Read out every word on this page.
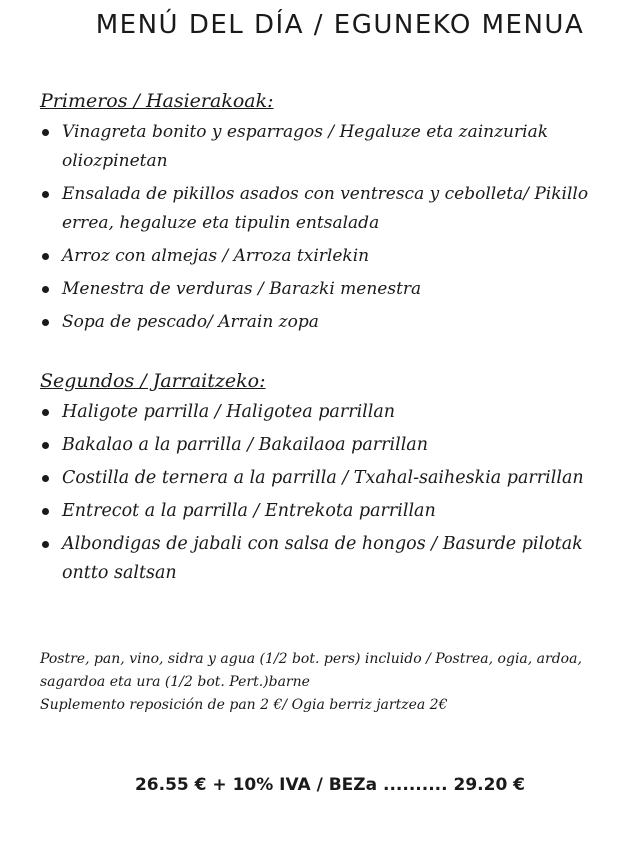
MENÚ DEL DÍA / EGUNEKO MENUA
Primeros / Hasierakoak:
Vinagreta bonito y esparragos / Hegaluze eta zainzuriak oliozpinetan
Ensalada de pikillos asados con ventresca y cebolleta/ Pikillo errea, hegaluze eta tipulin entsalada
Arroz con almejas / Arroza txirlekin
Menestra de verduras / Barazki menestra
Sopa de pescado/ Arrain zopa
Segundos / Jarraitzeko:
Haligote parrilla / Haligotea parrillan
Bakalao a la parrilla / Bakailaoa parrillan
Costilla de ternera a la parrilla / Txahal-saiheskia parrillan
Entrecot a la parrilla / Entrekota parrillan
Albondigas de jabali con salsa de hongos / Basurde pilotak ontto saltsan

Postre, pan, vino, sidra y agua (1/2 bot. pers) incluido / Postrea, ogia, ardoa, sagardoa eta ura (1/2 bot. Pert.)barne

Suplemento reposición de pan 2 €/ Ogia berriz jartzea 2€

26.55 € + 10% IVA / BEZa .......... 29.20 €
